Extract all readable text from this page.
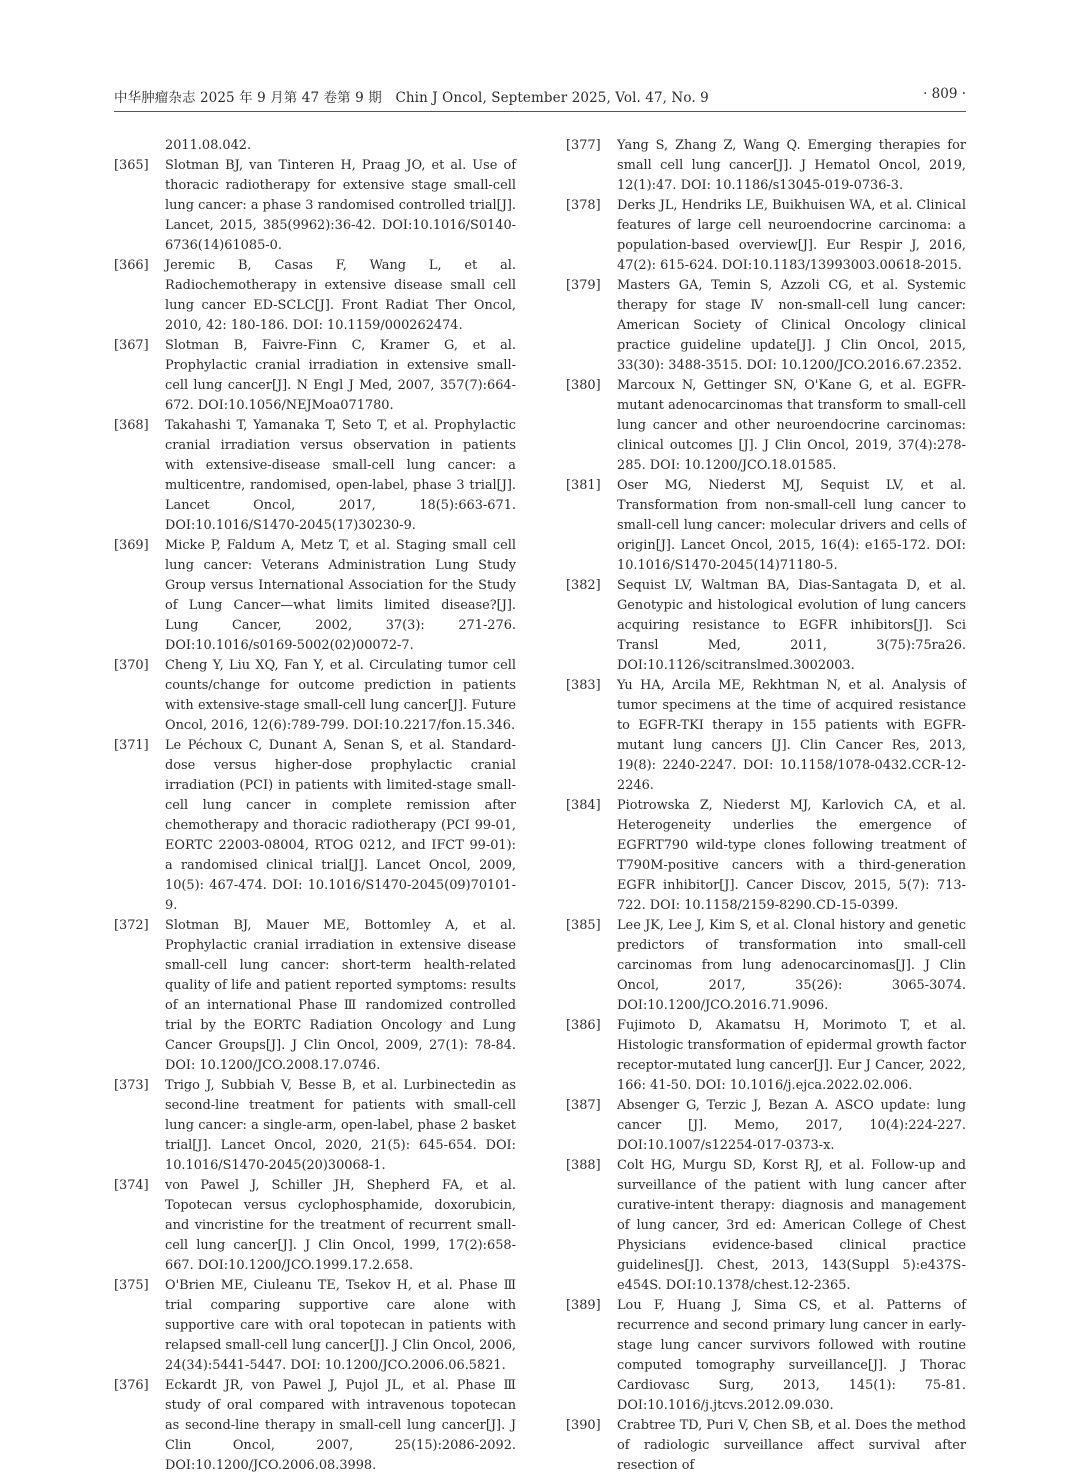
中华肿瘤杂志 2025 年 9 月第 47 卷第 9 期　Chin J Oncol, September 2025, Vol. 47, No. 9	· 809 ·
2011.08.042.
[365] Slotman BJ, van Tinteren H, Praag JO, et al. Use of thoracic radiotherapy for extensive stage small-cell lung cancer: a phase 3 randomised controlled trial[J]. Lancet, 2015, 385(9962):36-42. DOI:10.1016/S0140-6736(14)61085-0.
[366] Jeremic B, Casas F, Wang L, et al. Radiochemotherapy in extensive disease small cell lung cancer ED-SCLC[J]. Front Radiat Ther Oncol, 2010, 42: 180-186. DOI: 10.1159/000262474.
[367] Slotman B, Faivre-Finn C, Kramer G, et al. Prophylactic cranial irradiation in extensive small-cell lung cancer[J]. N Engl J Med, 2007, 357(7):664-672. DOI:10.1056/NEJMoa071780.
[368] Takahashi T, Yamanaka T, Seto T, et al. Prophylactic cranial irradiation versus observation in patients with extensive-disease small-cell lung cancer: a multicentre, randomised, open-label, phase 3 trial[J]. Lancet Oncol, 2017, 18(5):663-671. DOI:10.1016/S1470-2045(17)30230-9.
[369] Micke P, Faldum A, Metz T, et al. Staging small cell lung cancer: Veterans Administration Lung Study Group versus International Association for the Study of Lung Cancer—what limits limited disease?[J]. Lung Cancer, 2002, 37(3): 271-276. DOI:10.1016/s0169-5002(02)00072-7.
[370] Cheng Y, Liu XQ, Fan Y, et al. Circulating tumor cell counts/change for outcome prediction in patients with extensive-stage small-cell lung cancer[J]. Future Oncol, 2016, 12(6):789-799. DOI:10.2217/fon.15.346.
[371] Le Péchoux C, Dunant A, Senan S, et al. Standard-dose versus higher-dose prophylactic cranial irradiation (PCI) in patients with limited-stage small-cell lung cancer in complete remission after chemotherapy and thoracic radiotherapy (PCI 99-01, EORTC 22003-08004, RTOG 0212, and IFCT 99-01): a randomised clinical trial[J]. Lancet Oncol, 2009, 10(5): 467-474. DOI: 10.1016/S1470-2045(09)70101-9.
[372] Slotman BJ, Mauer ME, Bottomley A, et al. Prophylactic cranial irradiation in extensive disease small-cell lung cancer: short-term health-related quality of life and patient reported symptoms: results of an international Phase Ⅲ randomized controlled trial by the EORTC Radiation Oncology and Lung Cancer Groups[J]. J Clin Oncol, 2009, 27(1): 78-84. DOI: 10.1200/JCO.2008.17.0746.
[373] Trigo J, Subbiah V, Besse B, et al. Lurbinectedin as second-line treatment for patients with small-cell lung cancer: a single-arm, open-label, phase 2 basket trial[J]. Lancet Oncol, 2020, 21(5): 645-654. DOI: 10.1016/S1470-2045(20)30068-1.
[374] von Pawel J, Schiller JH, Shepherd FA, et al. Topotecan versus cyclophosphamide, doxorubicin, and vincristine for the treatment of recurrent small-cell lung cancer[J]. J Clin Oncol, 1999, 17(2):658-667. DOI:10.1200/JCO.1999.17.2.658.
[375] O'Brien ME, Ciuleanu TE, Tsekov H, et al. Phase Ⅲ trial comparing supportive care alone with supportive care with oral topotecan in patients with relapsed small-cell lung cancer[J]. J Clin Oncol, 2006, 24(34):5441-5447. DOI: 10.1200/JCO.2006.06.5821.
[376] Eckardt JR, von Pawel J, Pujol JL, et al. Phase Ⅲ study of oral compared with intravenous topotecan as second-line therapy in small-cell lung cancer[J]. J Clin Oncol, 2007, 25(15):2086-2092. DOI:10.1200/JCO.2006.08.3998.
[377] Yang S, Zhang Z, Wang Q. Emerging therapies for small cell lung cancer[J]. J Hematol Oncol, 2019, 12(1):47. DOI: 10.1186/s13045-019-0736-3.
[378] Derks JL, Hendriks LE, Buikhuisen WA, et al. Clinical features of large cell neuroendocrine carcinoma: a population-based overview[J]. Eur Respir J, 2016, 47(2): 615-624. DOI:10.1183/13993003.00618-2015.
[379] Masters GA, Temin S, Azzoli CG, et al. Systemic therapy for stage Ⅳ non-small-cell lung cancer: American Society of Clinical Oncology clinical practice guideline update[J]. J Clin Oncol, 2015, 33(30): 3488-3515. DOI: 10.1200/JCO.2016.67.2352.
[380] Marcoux N, Gettinger SN, O'Kane G, et al. EGFR-mutant adenocarcinomas that transform to small-cell lung cancer and other neuroendocrine carcinomas: clinical outcomes [J]. J Clin Oncol, 2019, 37(4):278-285. DOI: 10.1200/JCO.18.01585.
[381] Oser MG, Niederst MJ, Sequist LV, et al. Transformation from non-small-cell lung cancer to small-cell lung cancer: molecular drivers and cells of origin[J]. Lancet Oncol, 2015, 16(4): e165-172. DOI: 10.1016/S1470-2045(14)71180-5.
[382] Sequist LV, Waltman BA, Dias-Santagata D, et al. Genotypic and histological evolution of lung cancers acquiring resistance to EGFR inhibitors[J]. Sci Transl Med, 2011, 3(75):75ra26. DOI:10.1126/scitranslmed.3002003.
[383] Yu HA, Arcila ME, Rekhtman N, et al. Analysis of tumor specimens at the time of acquired resistance to EGFR-TKI therapy in 155 patients with EGFR-mutant lung cancers [J]. Clin Cancer Res, 2013, 19(8): 2240-2247. DOI: 10.1158/1078-0432.CCR-12-2246.
[384] Piotrowska Z, Niederst MJ, Karlovich CA, et al. Heterogeneity underlies the emergence of EGFRT790 wild-type clones following treatment of T790M-positive cancers with a third-generation EGFR inhibitor[J]. Cancer Discov, 2015, 5(7): 713-722. DOI: 10.1158/2159-8290.CD-15-0399.
[385] Lee JK, Lee J, Kim S, et al. Clonal history and genetic predictors of transformation into small-cell carcinomas from lung adenocarcinomas[J]. J Clin Oncol, 2017, 35(26): 3065-3074. DOI:10.1200/JCO.2016.71.9096.
[386] Fujimoto D, Akamatsu H, Morimoto T, et al. Histologic transformation of epidermal growth factor receptor-mutated lung cancer[J]. Eur J Cancer, 2022, 166: 41-50. DOI: 10.1016/j.ejca.2022.02.006.
[387] Absenger G, Terzic J, Bezan A. ASCO update: lung cancer [J]. Memo, 2017, 10(4):224-227. DOI:10.1007/s12254-017-0373-x.
[388] Colt HG, Murgu SD, Korst RJ, et al. Follow-up and surveillance of the patient with lung cancer after curative-intent therapy: diagnosis and management of lung cancer, 3rd ed: American College of Chest Physicians evidence-based clinical practice guidelines[J]. Chest, 2013, 143(Suppl 5):e437S-e454S. DOI:10.1378/chest.12-2365.
[389] Lou F, Huang J, Sima CS, et al. Patterns of recurrence and second primary lung cancer in early-stage lung cancer survivors followed with routine computed tomography surveillance[J]. J Thorac Cardiovasc Surg, 2013, 145(1): 75-81. DOI:10.1016/j.jtcvs.2012.09.030.
[390] Crabtree TD, Puri V, Chen SB, et al. Does the method of radiologic surveillance affect survival after resection of
